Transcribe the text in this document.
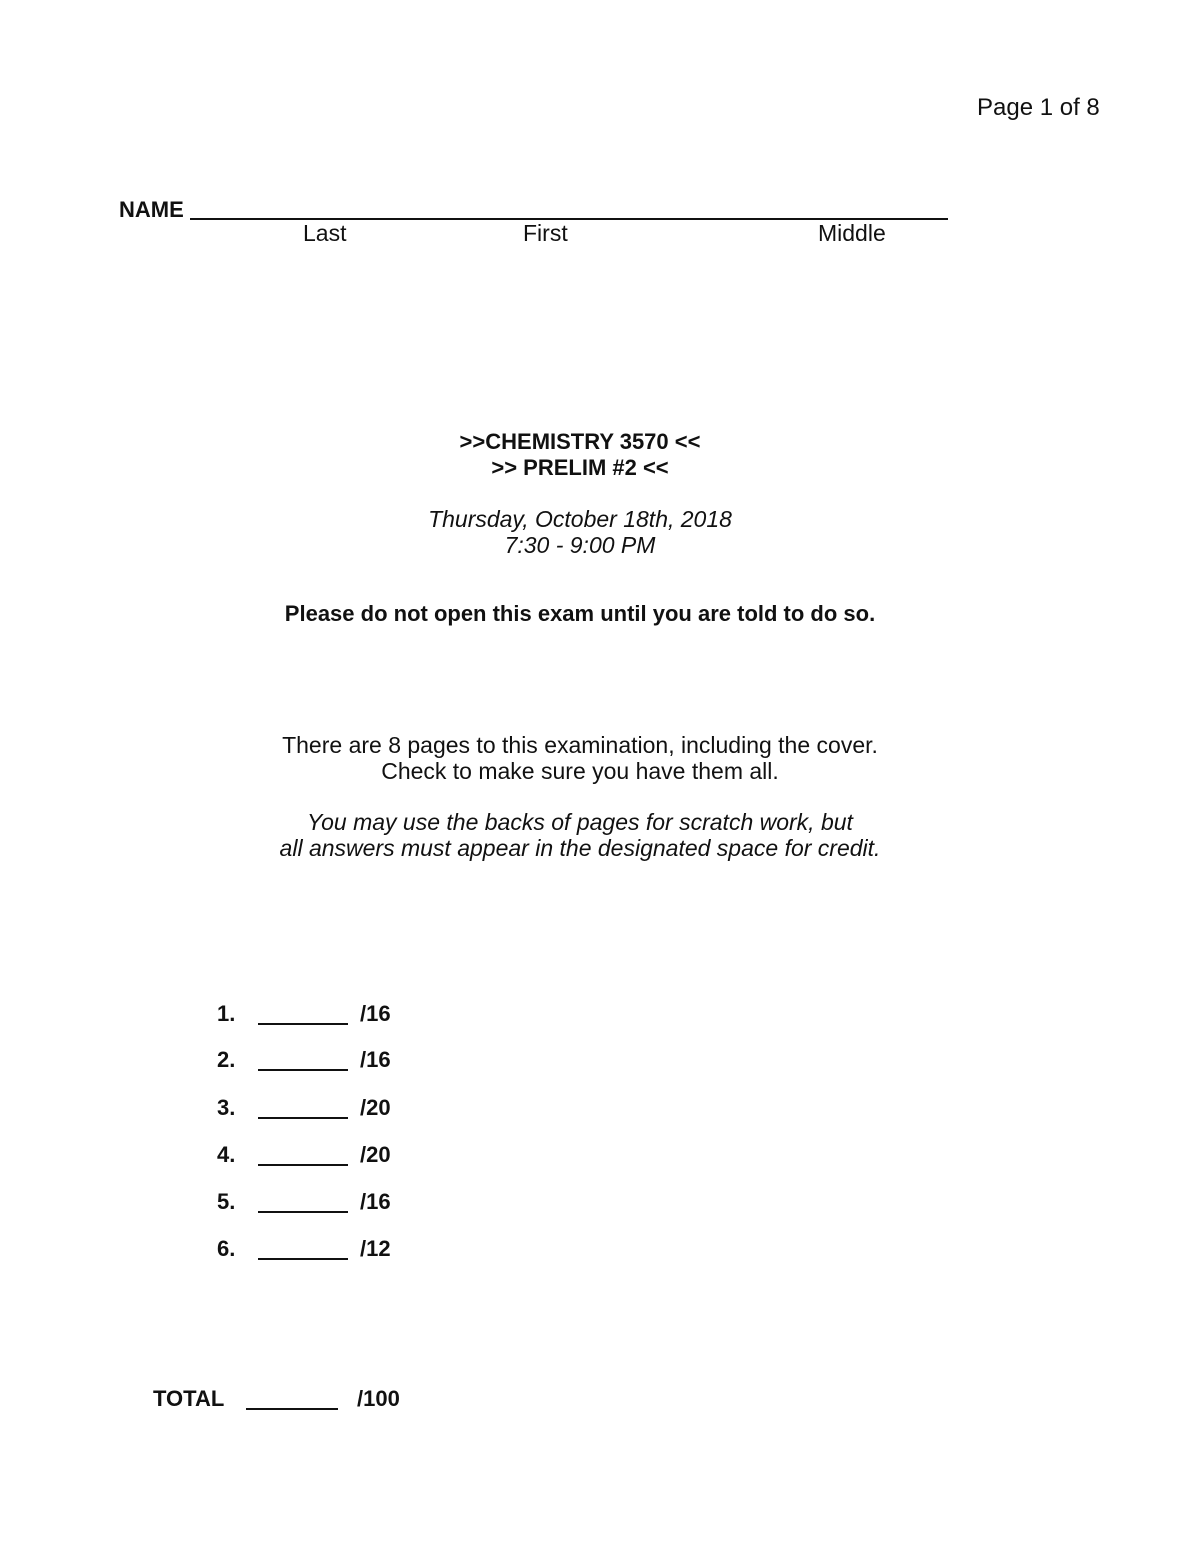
Page 1 of 8
NAME
Last	First	Middle
>>CHEMISTRY 3570 <<
>> PRELIM #2 <<
Thursday, October 18th, 2018
7:30 - 9:00 PM
Please do not open this exam until you are told to do so.
There are 8 pages to this examination, including the cover.
Check to make sure you have them all.
You may use the backs of pages for scratch work, but
all answers must appear in the designated space for credit.
1.	/16
2.	/16
3.	/20
4.	/20
5.	/16
6.	/12
TOTAL	/100
